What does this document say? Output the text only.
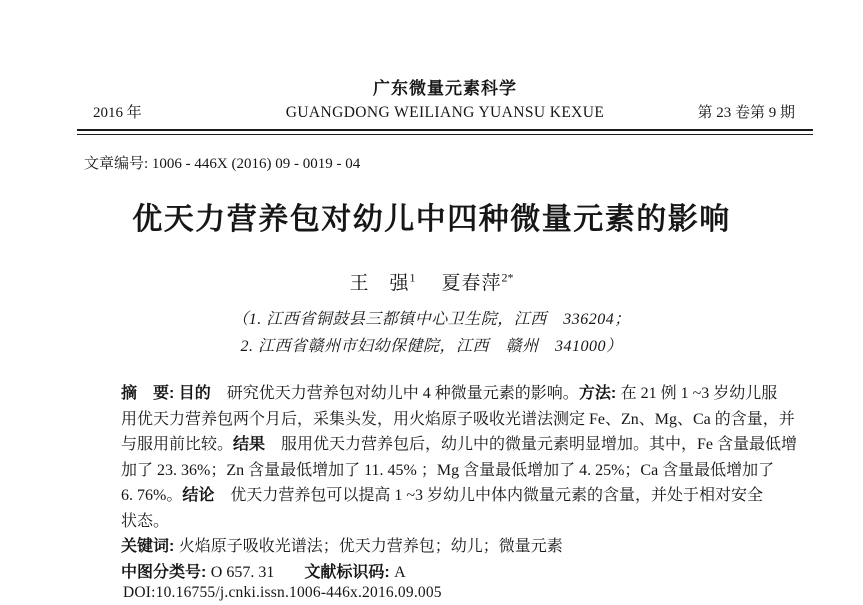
广东微量元素科学
2016 年	GUANGDONG WEILIANG YUANSU KEXUE	第 23 卷第 9 期
文章编号: 1006 - 446X (2016) 09 - 0019 - 04
优天力营养包对幼儿中四种微量元素的影响
王　强$^1$ 夏春萍$^{2*}$
（1. 江西省铜鼓县三都镇中心卫生院，江西　336204；
2. 江西省赣州市妇幼保健院，江西　赣州　341000）
摘　要: 目的　研究优天力营养包对幼儿中 4 种微量元素的影响。方法: 在 21 例 1 ~3 岁幼儿服
用优天力营养包两个月后，采集头发，用火焰原子吸收光谱法测定 Fe、Zn、Mg、Ca 的含量，并
与服用前比较。结果　服用优天力营养包后，幼儿中的微量元素明显增加。其中，Fe 含量最低增
加了 23. 36%；Zn 含量最低增加了 11. 45% ；Mg 含量最低增加了 4. 25%；Ca 含量最低增加了
6. 76%。结论　优天力营养包可以提高 1 ~3 岁幼儿中体内微量元素的含量，并处于相对安全
状态。
关键词: 火焰原子吸收光谱法；优天力营养包；幼儿；微量元素
中图分类号: O 657. 31 文献标识码: A
DOI:10.16755/j.cnki.issn.1006-446x.2016.09.005
